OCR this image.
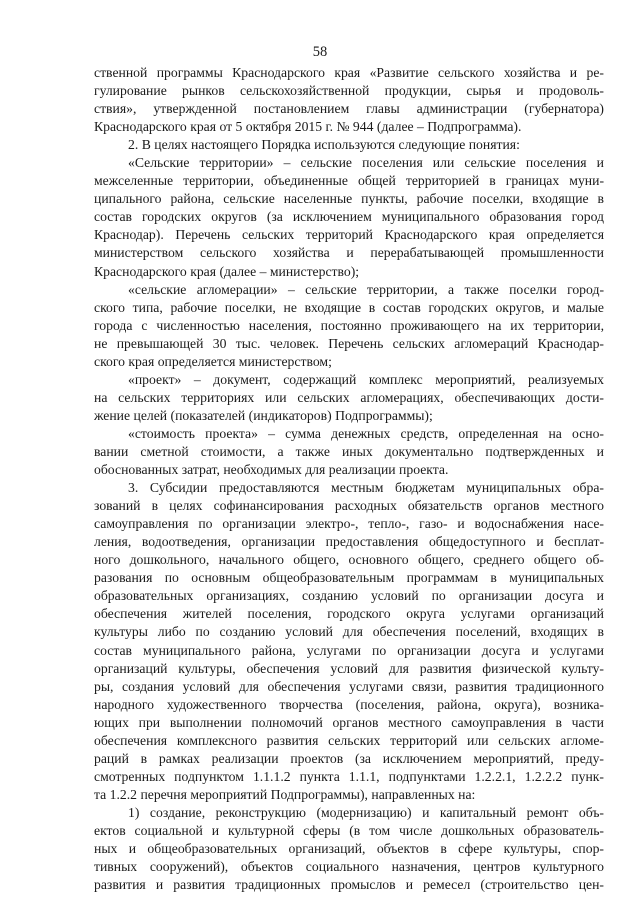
58

ственной программы Краснодарского края «Развитие сельского хозяйства и ре-

гулирование рынков сельскохозяйственной продукции, сырья и продоволь-

ствия», утвержденной постановлением главы администрации (губернатора)

Краснодарского края от 5 октября 2015 г. № 944 (далее – Подпрограмма).

2. В целях настоящего Порядка используются следующие понятия:

«Сельские территории» – сельские поселения или сельские поселения и

межселенные территории, объединенные общей территорией в границах муни-

ципального района, сельские населенные пункты, рабочие поселки, входящие в

состав городских округов (за исключением муниципального образования город

Краснодар). Перечень сельских территорий Краснодарского края определяется

министерством сельского хозяйства и перерабатывающей промышленности

Краснодарского края (далее – министерство);

«сельские агломерации» – сельские территории, а также поселки город-

ского типа, рабочие поселки, не входящие в состав городских округов, и малые

города с численностью населения, постоянно проживающего на их территории,

не превышающей 30 тыс. человек. Перечень сельских агломераций Краснодар-

ского края определяется министерством;

«проект» – документ, содержащий комплекс мероприятий, реализуемых

на сельских территориях или сельских агломерациях, обеспечивающих дости-

жение целей (показателей (индикаторов) Подпрограммы);

«стоимость проекта» – сумма денежных средств, определенная на осно-

вании сметной стоимости, а также иных документально подтвержденных и

обоснованных затрат, необходимых для реализации проекта.

3. Субсидии предоставляются местным бюджетам муниципальных обра-

зований в целях софинансирования расходных обязательств органов местного

самоуправления по организации электро-, тепло-, газо- и водоснабжения насе-

ления, водоотведения, организации предоставления общедоступного и бесплат-

ного дошкольного, начального общего, основного общего, среднего общего об-

разования по основным общеобразовательным программам в муниципальных

образовательных организациях, созданию условий по организации досуга и

обеспечения жителей поселения, городского округа услугами организаций

культуры либо по созданию условий для обеспечения поселений, входящих в

состав муниципального района, услугами по организации досуга и услугами

организаций культуры, обеспечения условий для развития физической культу-

ры, создания условий для обеспечения услугами связи, развития традиционного

народного художественного творчества (поселения, района, округа), возника-

ющих при выполнении полномочий органов местного самоуправления в части

обеспечения комплексного развития сельских территорий или сельских агломе-

раций в рамках реализации проектов (за исключением мероприятий, преду-

смотренных подпунктом 1.1.1.2 пункта 1.1.1, подпунктами 1.2.2.1, 1.2.2.2 пунк-

та 1.2.2 перечня мероприятий Подпрограммы), направленных на:

1) создание, реконструкцию (модернизацию) и капитальный ремонт объ-

ектов социальной и культурной сферы (в том числе дошкольных образователь-

ных и общеобразовательных организаций, объектов в сфере культуры, спор-

тивных сооружений), объектов социального назначения, центров культурного

развития и развития традиционных промыслов и ремесел (строительство цен-
